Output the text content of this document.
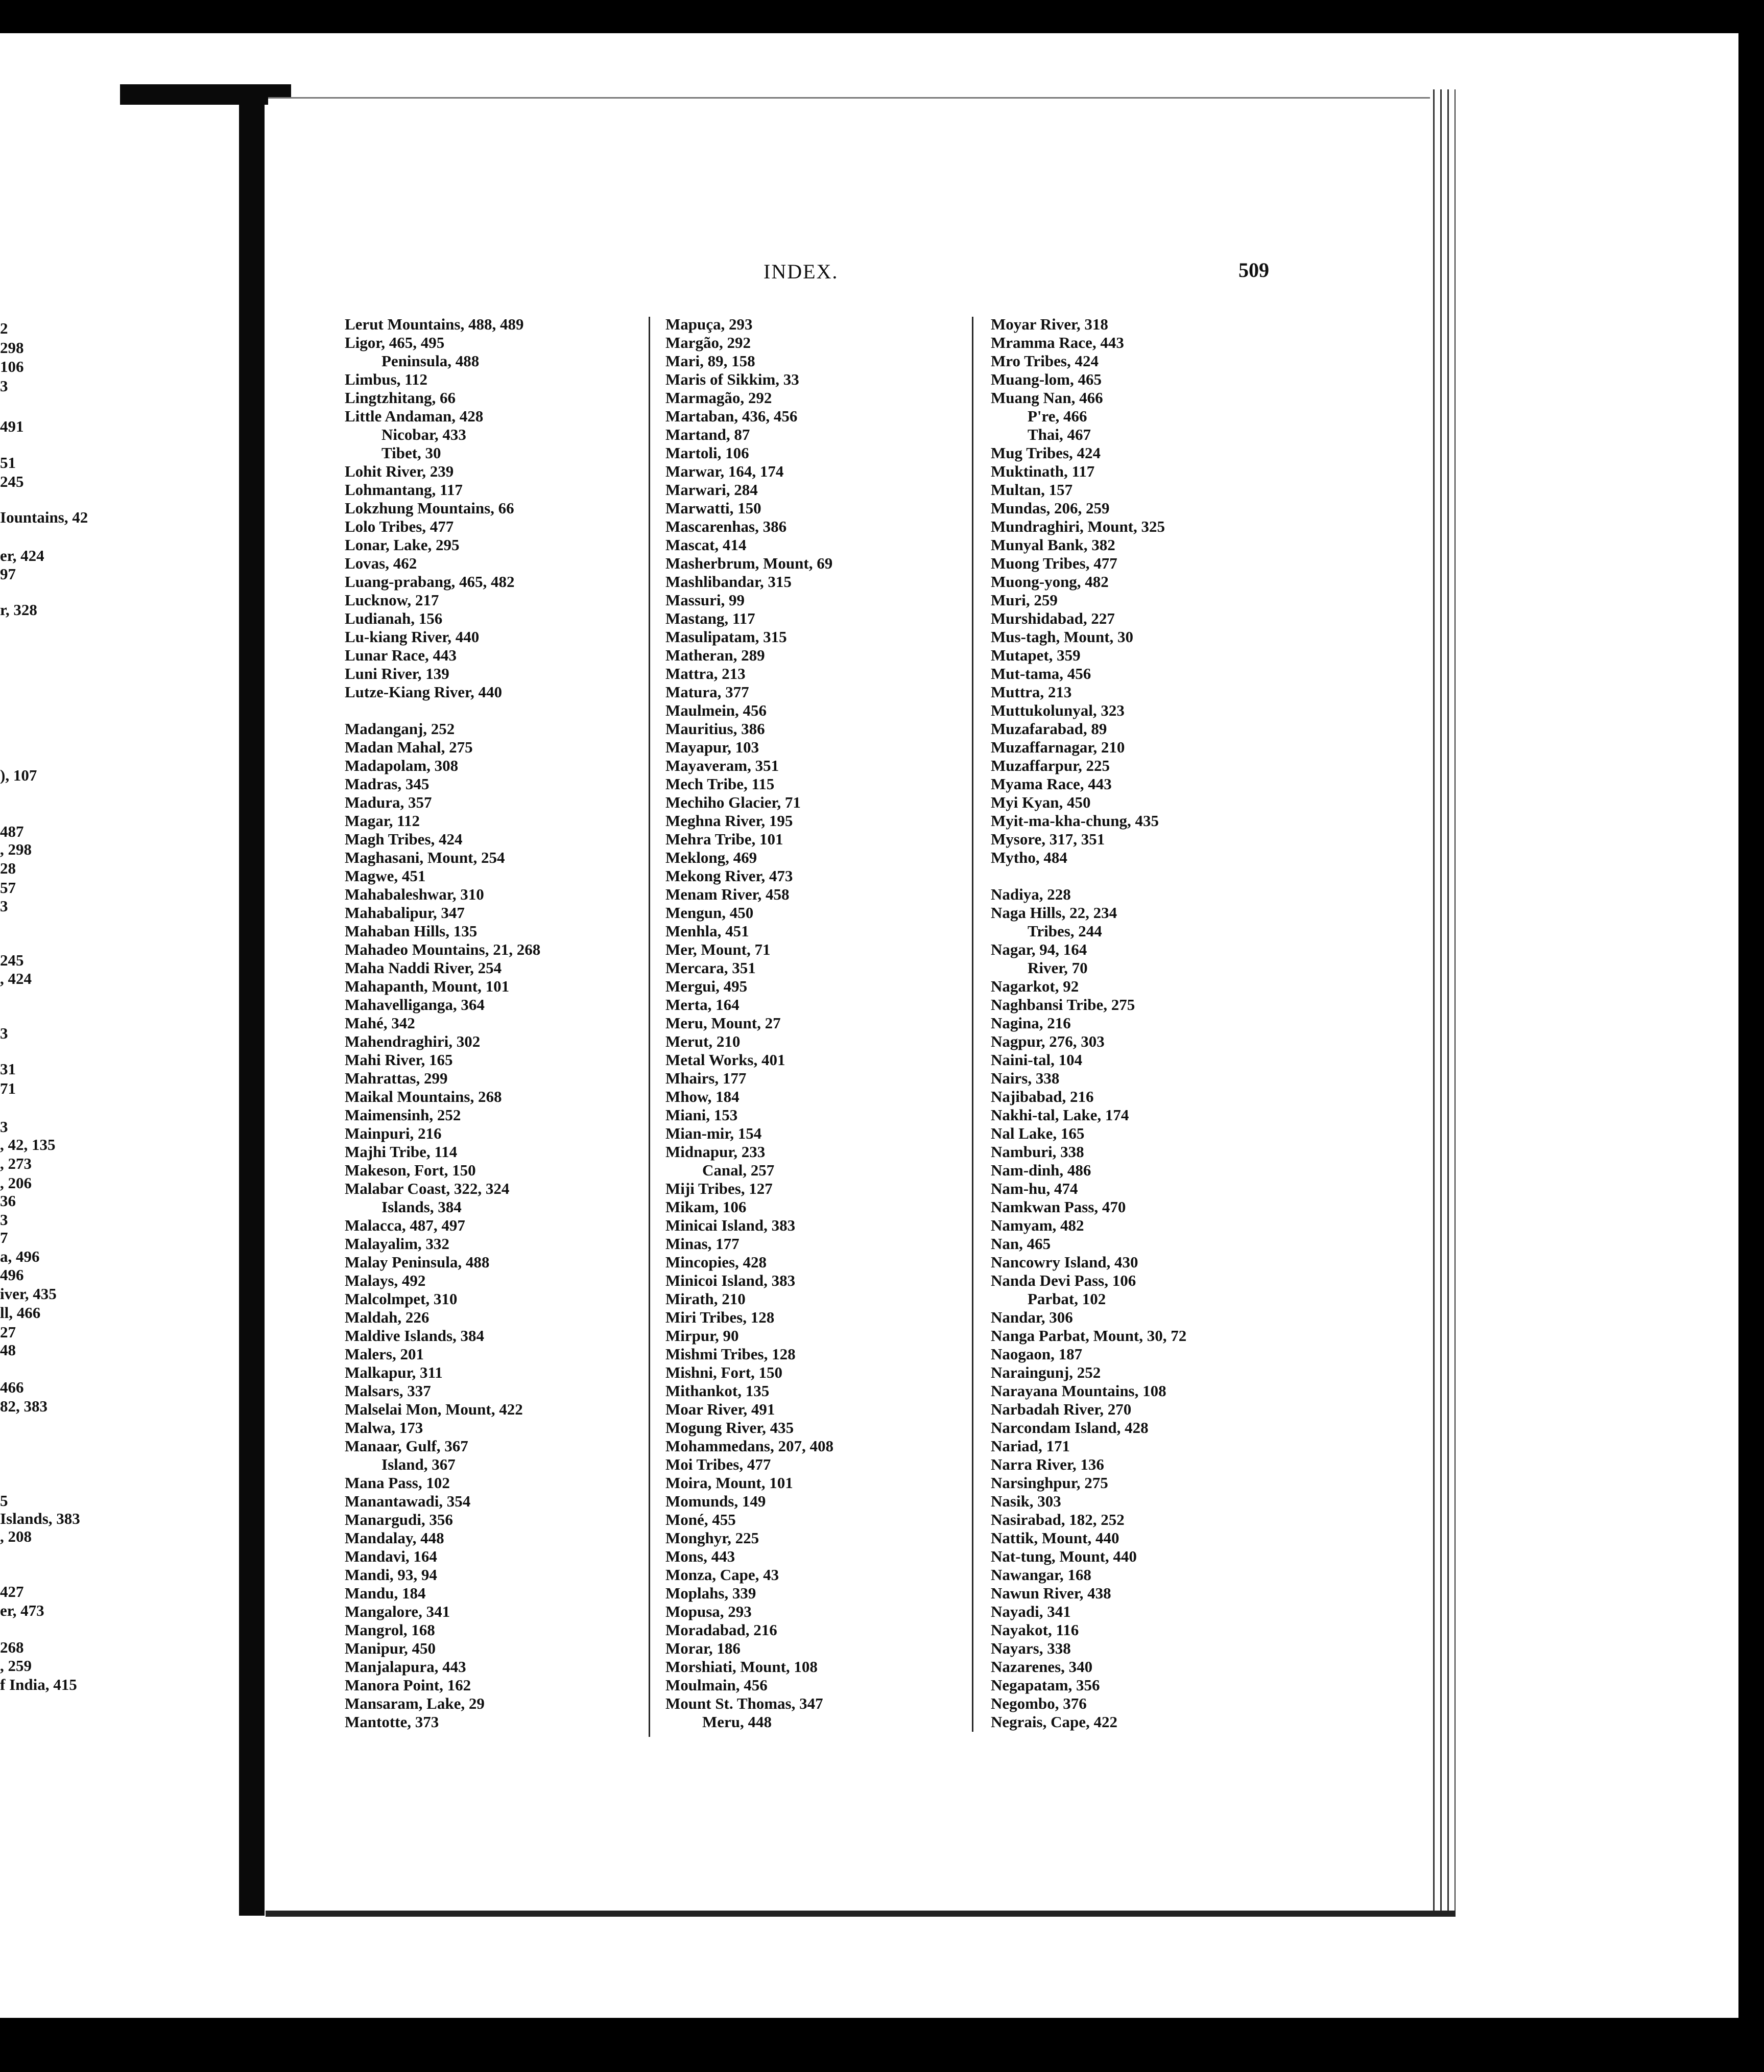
2
298
106
3
491
51
245
Iountains, 42
er, 424
97
r, 328
), 107
487
, 298
28
57
3
245
, 424
3
31
71
3
, 42, 135
, 273
, 206
36
3
7
a, 496
496
iver, 435
ll, 466
27
48
466
82, 383
5
Islands, 383
, 208
427
er, 473
268
, 259
f India, 415
INDEX.	509
Lerut Mountains, 488, 489
Ligor, 465, 495
Peninsula, 488
Limbus, 112
Lingtzhitang, 66
Little Andaman, 428
Nicobar, 433
Tibet, 30
Lohit River, 239
Lohmantang, 117
Lokzhung Mountains, 66
Lolo Tribes, 477
Lonar, Lake, 295
Lovas, 462
Luang-prabang, 465, 482
Lucknow, 217
Ludianah, 156
Lu-kiang River, 440
Lunar Race, 443
Luni River, 139
Lutze-Kiang River, 440
Madanganj, 252
Madan Mahal, 275
Madapolam, 308
Madras, 345
Madura, 357
Magar, 112
Magh Tribes, 424
Maghasani, Mount, 254
Magwe, 451
Mahabaleshwar, 310
Mahabalipur, 347
Mahaban Hills, 135
Mahadeo Mountains, 21, 268
Maha Naddi River, 254
Mahapanth, Mount, 101
Mahavelliganga, 364
Mahé, 342
Mahendraghiri, 302
Mahi River, 165
Mahrattas, 299
Maikal Mountains, 268
Maimensinh, 252
Mainpuri, 216
Majhi Tribe, 114
Makeson, Fort, 150
Malabar Coast, 322, 324
Islands, 384
Malacca, 487, 497
Malayalim, 332
Malay Peninsula, 488
Malays, 492
Malcolmpet, 310
Maldah, 226
Maldive Islands, 384
Malers, 201
Malkapur, 311
Malsars, 337
Malselai Mon, Mount, 422
Malwa, 173
Manaar, Gulf, 367
Island, 367
Mana Pass, 102
Manantawadi, 354
Manargudi, 356
Mandalay, 448
Mandavi, 164
Mandi, 93, 94
Mandu, 184
Mangalore, 341
Mangrol, 168
Manipur, 450
Manjalapura, 443
Manora Point, 162
Mansaram, Lake, 29
Mantotte, 373
Mapuça, 293
Margão, 292
Mari, 89, 158
Maris of Sikkim, 33
Marmagão, 292
Martaban, 436, 456
Martand, 87
Martoli, 106
Marwar, 164, 174
Marwari, 284
Marwatti, 150
Mascarenhas, 386
Mascat, 414
Masherbrum, Mount, 69
Mashlibandar, 315
Massuri, 99
Mastang, 117
Masulipatam, 315
Matheran, 289
Mattra, 213
Matura, 377
Maulmein, 456
Mauritius, 386
Mayapur, 103
Mayaveram, 351
Mech Tribe, 115
Mechiho Glacier, 71
Meghna River, 195
Mehra Tribe, 101
Meklong, 469
Mekong River, 473
Menam River, 458
Mengun, 450
Menhla, 451
Mer, Mount, 71
Mercara, 351
Mergui, 495
Merta, 164
Meru, Mount, 27
Merut, 210
Metal Works, 401
Mhairs, 177
Mhow, 184
Miani, 153
Mian-mir, 154
Midnapur, 233
Canal, 257
Miji Tribes, 127
Mikam, 106
Minicai Island, 383
Minas, 177
Mincopies, 428
Minicoi Island, 383
Mirath, 210
Miri Tribes, 128
Mirpur, 90
Mishmi Tribes, 128
Mishni, Fort, 150
Mithankot, 135
Moar River, 491
Mogung River, 435
Mohammedans, 207, 408
Moi Tribes, 477
Moira, Mount, 101
Momunds, 149
Moné, 455
Monghyr, 225
Mons, 443
Monza, Cape, 43
Moplahs, 339
Mopusa, 293
Moradabad, 216
Morar, 186
Morshiati, Mount, 108
Moulmain, 456
Mount St. Thomas, 347
Meru, 448
Moyar River, 318
Mramma Race, 443
Mro Tribes, 424
Muang-lom, 465
Muang Nan, 466
P're, 466
Thai, 467
Mug Tribes, 424
Muktinath, 117
Multan, 157
Mundas, 206, 259
Mundraghiri, Mount, 325
Munyal Bank, 382
Muong Tribes, 477
Muong-yong, 482
Muri, 259
Murshidabad, 227
Mus-tagh, Mount, 30
Mutapet, 359
Mut-tama, 456
Muttra, 213
Muttukolunyal, 323
Muzafarabad, 89
Muzaffarnagar, 210
Muzaffarpur, 225
Myama Race, 443
Myi Kyan, 450
Myit-ma-kha-chung, 435
Mysore, 317, 351
Mytho, 484
Nadiya, 228
Naga Hills, 22, 234
Tribes, 244
Nagar, 94, 164
River, 70
Nagarkot, 92
Naghbansi Tribe, 275
Nagina, 216
Nagpur, 276, 303
Naini-tal, 104
Nairs, 338
Najibabad, 216
Nakhi-tal, Lake, 174
Nal Lake, 165
Namburi, 338
Nam-dinh, 486
Nam-hu, 474
Namkwan Pass, 470
Namyam, 482
Nan, 465
Nancowry Island, 430
Nanda Devi Pass, 106
Parbat, 102
Nandar, 306
Nanga Parbat, Mount, 30, 72
Naogaon, 187
Naraingunj, 252
Narayana Mountains, 108
Narbadah River, 270
Narcondam Island, 428
Nariad, 171
Narra River, 136
Narsinghpur, 275
Nasik, 303
Nasirabad, 182, 252
Nattik, Mount, 440
Nat-tung, Mount, 440
Nawangar, 168
Nawun River, 438
Nayadi, 341
Nayakot, 116
Nayars, 338
Nazarenes, 340
Negapatam, 356
Negombo, 376
Negrais, Cape, 422
